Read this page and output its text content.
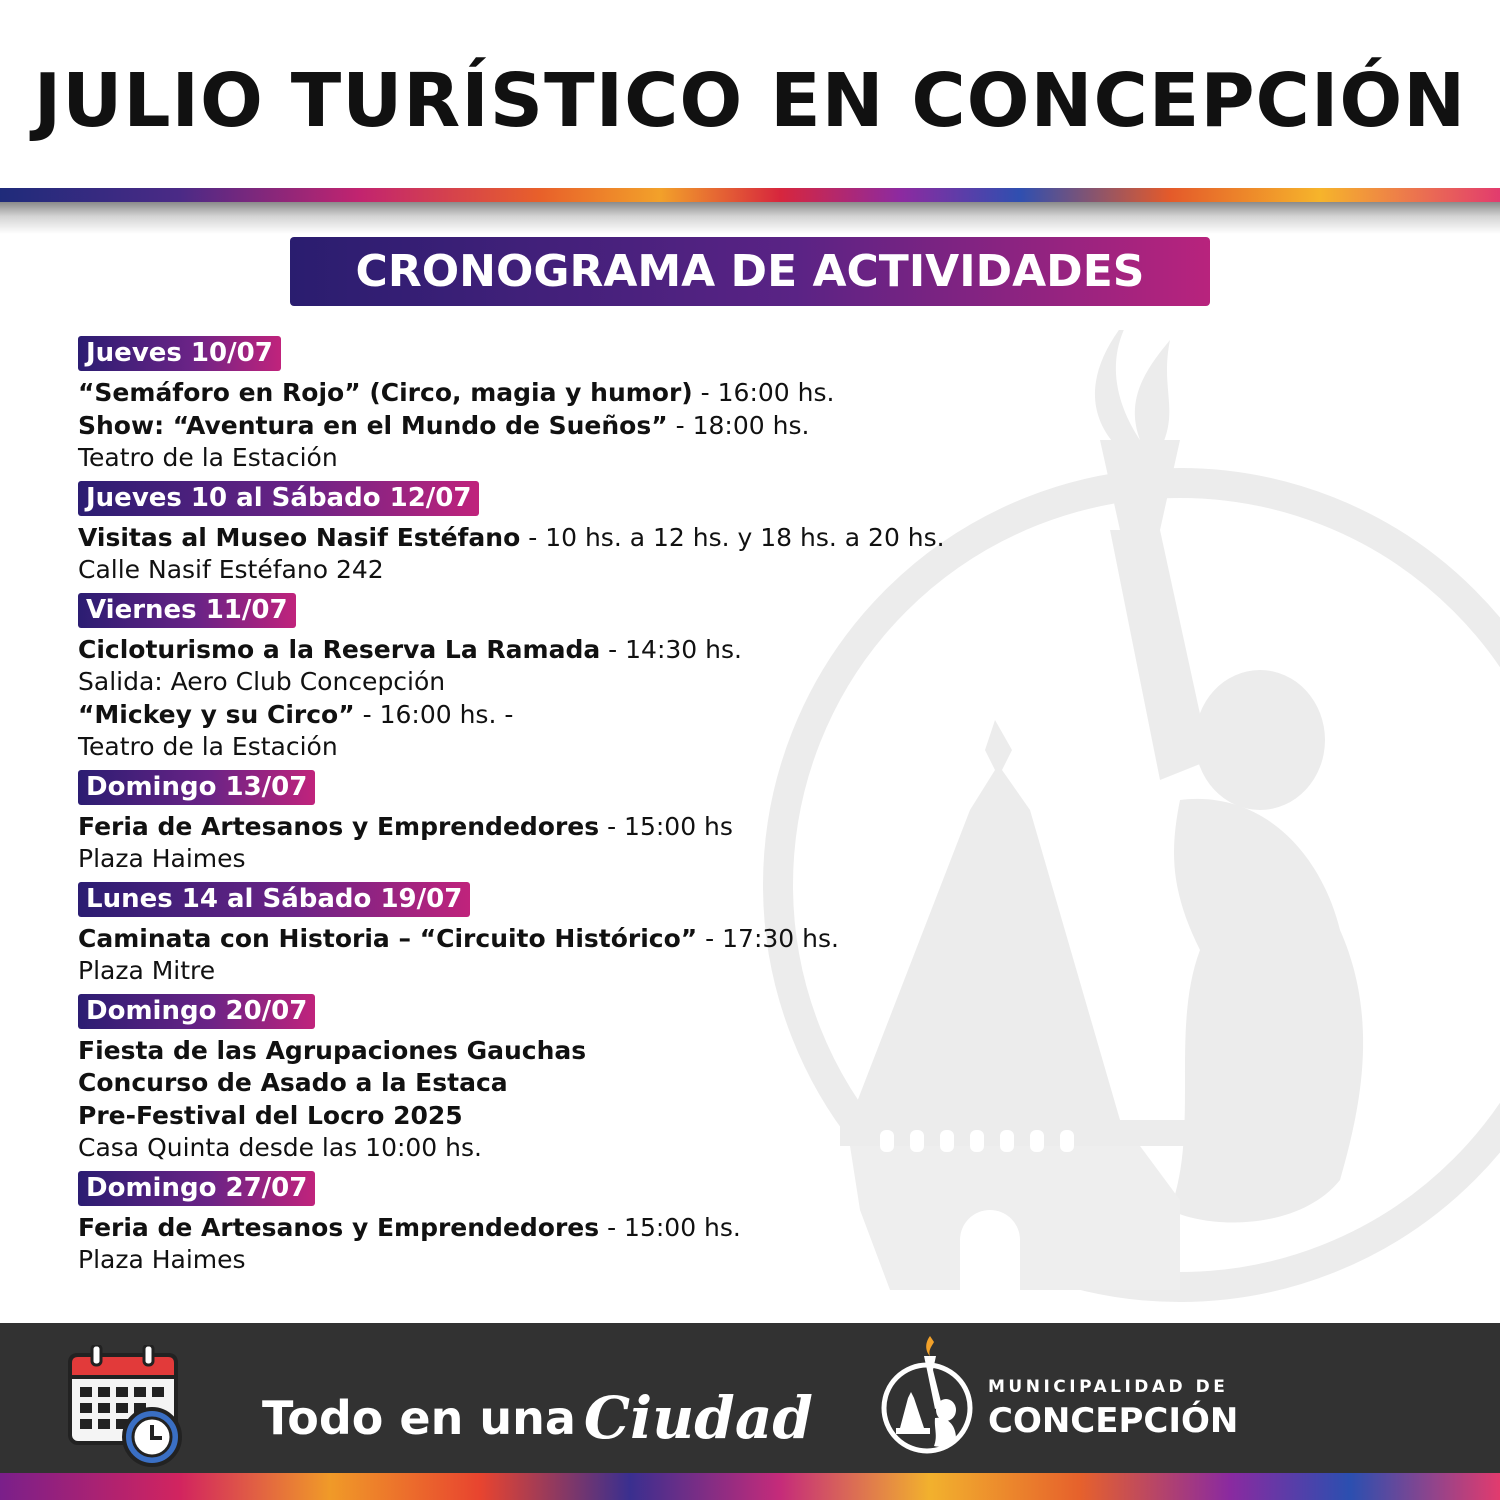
JULIO TURÍSTICO EN CONCEPCIÓN
CRONOGRAMA DE ACTIVIDADES
Jueves 10/07
“Semáforo en Rojo” (Circo, magia y humor) - 16:00 hs.
Show: “Aventura en el Mundo de Sueños” - 18:00 hs.
Teatro de la Estación
Jueves 10 al Sábado 12/07
Visitas al Museo Nasif Estéfano - 10 hs. a 12 hs. y 18 hs. a 20 hs.
Calle Nasif Estéfano 242
Viernes 11/07
Cicloturismo a la Reserva La Ramada - 14:30 hs.
Salida: Aero Club Concepción
“Mickey y su Circo” - 16:00 hs. -
Teatro de la Estación
Domingo 13/07
Feria de Artesanos y Emprendedores - 15:00 hs
Plaza Haimes
Lunes 14 al Sábado 19/07
Caminata con Historia – “Circuito Histórico” - 17:30 hs.
Plaza Mitre
Domingo 20/07
Fiesta de las Agrupaciones Gauchas
Concurso de Asado a la Estaca
Pre-Festival del Locro 2025
Casa Quinta desde las 10:00 hs.
Domingo 27/07
Feria de Artesanos y Emprendedores - 15:00 hs.
Plaza Haimes
Todo en una Ciudad	MUNICIPALIDAD DE
CONCEPCIÓN
